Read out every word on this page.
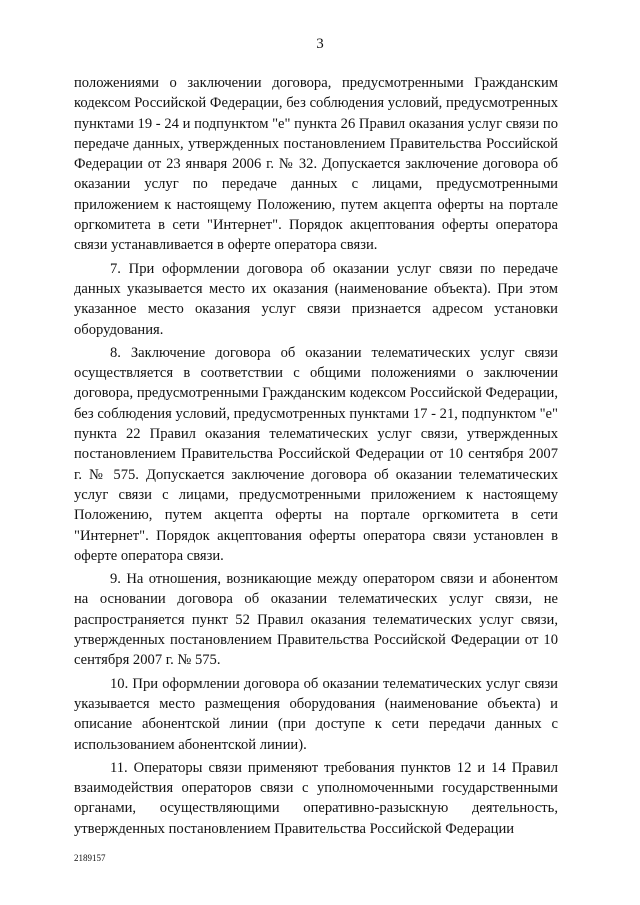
3

положениями о заключении договора, предусмотренными Гражданским кодексом Российской Федерации, без соблюдения условий, предусмотренных пунктами 19 - 24 и подпунктом "е" пункта 26 Правил оказания услуг связи по передаче данных, утвержденных постановлением Правительства Российской Федерации от 23 января 2006 г. № 32. Допускается заключение договора об оказании услуг по передаче данных с лицами, предусмотренными приложением к настоящему Положению, путем акцепта оферты на портале оргкомитета в сети "Интернет". Порядок акцептования оферты оператора связи устанавливается в оферте оператора связи.

7. При оформлении договора об оказании услуг связи по передаче данных указывается место их оказания (наименование объекта). При этом указанное место оказания услуг связи признается адресом установки оборудования.

8. Заключение договора об оказании телематических услуг связи осуществляется в соответствии с общими положениями о заключении договора, предусмотренными Гражданским кодексом Российской Федерации, без соблюдения условий, предусмотренных пунктами 17 - 21, подпунктом "е" пункта 22 Правил оказания телематических услуг связи, утвержденных постановлением Правительства Российской Федерации от 10 сентября 2007 г. № 575. Допускается заключение договора об оказании телематических услуг связи с лицами, предусмотренными приложением к настоящему Положению, путем акцепта оферты на портале оргкомитета в сети "Интернет". Порядок акцептования оферты оператора связи установлен в оферте оператора связи.

9. На отношения, возникающие между оператором связи и абонентом на основании договора об оказании телематических услуг связи, не распространяется пункт 52 Правил оказания телематических услуг связи, утвержденных постановлением Правительства Российской Федерации от 10 сентября 2007 г. № 575.

10. При оформлении договора об оказании телематических услуг связи указывается место размещения оборудования (наименование объекта) и описание абонентской линии (при доступе к сети передачи данных с использованием абонентской линии).

11. Операторы связи применяют требования пунктов 12 и 14 Правил взаимодействия операторов связи с уполномоченными государственными органами, осуществляющими оперативно-разыскную деятельность, утвержденных постановлением Правительства Российской Федерации

2189157
